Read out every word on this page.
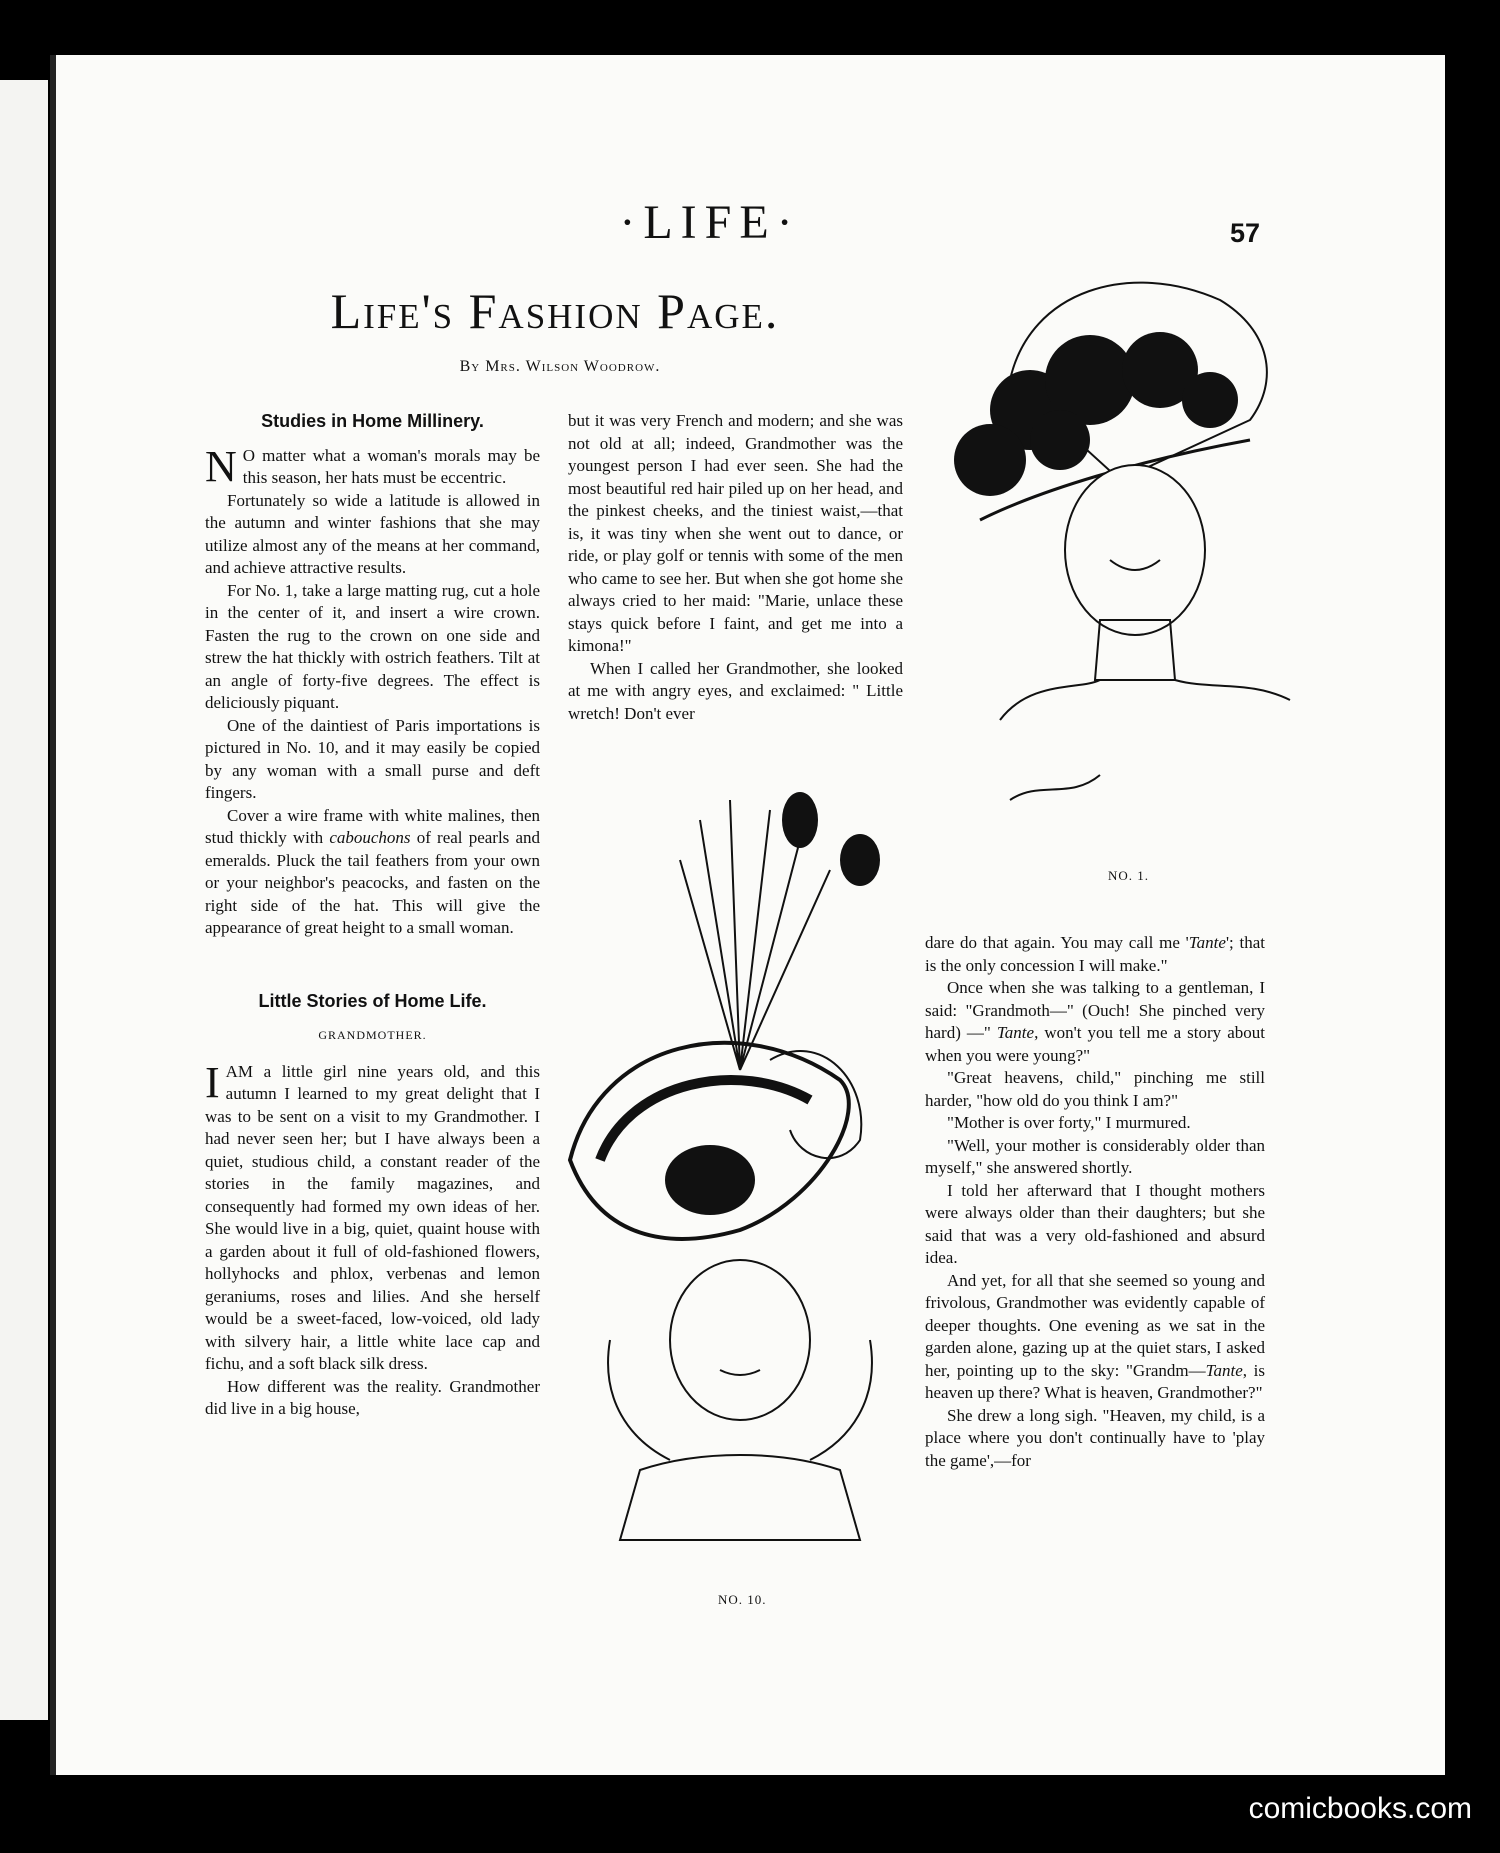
·LIFE·	57
Life's Fashion Page.
By Mrs. Wilson Woodrow.
Studies in Home Millinery.

N O matter what a woman's morals may be this season, her hats must be eccentric.

Fortunately so wide a latitude is allowed in the autumn and winter fashions that she may utilize almost any of the means at her command, and achieve attractive results.

For No. 1, take a large matting rug, cut a hole in the center of it, and insert a wire crown. Fasten the rug to the crown on one side and strew the hat thickly with ostrich feathers. Tilt at an angle of forty-five degrees. The effect is deliciously piquant.

One of the daintiest of Paris importations is pictured in No. 10, and it may easily be copied by any woman with a small purse and deft fingers.

Cover a wire frame with white malines, then stud thickly with cabouchons of real pearls and emeralds. Pluck the tail feathers from your own or your neighbor's peacocks, and fasten on the right side of the hat. This will give the appearance of great height to a small woman.

Little Stories of Home Life.
GRANDMOTHER.

IAM a little girl nine years old, and this autumn I learned to my great delight that I was to be sent on a visit to my Grandmother. I had never seen her; but I have always been a quiet, studious child, a constant reader of the stories in the family magazines, and consequently had formed my own ideas of her. She would live in a big, quiet, quaint house with a garden about it full of old-fashioned flowers, hollyhocks and phlox, verbenas and lemon geraniums, roses and lilies. And she herself would be a sweet-faced, low-voiced, old lady with silvery hair, a little white lace cap and fichu, and a soft black silk dress.

How different was the reality. Grandmother did live in a big house,

but it was very French and modern; and she was not old at all; indeed, Grandmother was the youngest person I had ever seen. She had the most beautiful red hair piled up on her head, and the pinkest cheeks, and the tiniest waist,—that is, it was tiny when she went out to dance, or ride, or play golf or tennis with some of the men who came to see her. But when she got home she always cried to her maid: "Marie, unlace these stays quick before I faint, and get me into a kimona!"

When I called her Grandmother, she looked at me with angry eyes, and exclaimed: " Little wretch! Don't ever

dare do that again. You may call me 'Tante'; that is the only concession I will make."

Once when she was talking to a gentleman, I said: "Grandmoth—" (Ouch! She pinched very hard) —" Tante, won't you tell me a story about when you were young?"

"Great heavens, child," pinching me still harder, "how old do you think I am?"

"Mother is over forty," I murmured.

"Well, your mother is considerably older than myself," she answered shortly.

I told her afterward that I thought mothers were always older than their daughters; but she said that was a very old-fashioned and absurd idea.

And yet, for all that she seemed so young and frivolous, Grandmother was evidently capable of deeper thoughts. One evening as we sat in the garden alone, gazing up at the quiet stars, I asked her, pointing up to the sky: "Grandm—Tante, is heaven up there? What is heaven, Grandmother?"

She drew a long sigh. "Heaven, my child, is a place where you don't continually have to 'play the game',—for

NO. 1.
NO. 10.
comicbooks.com
